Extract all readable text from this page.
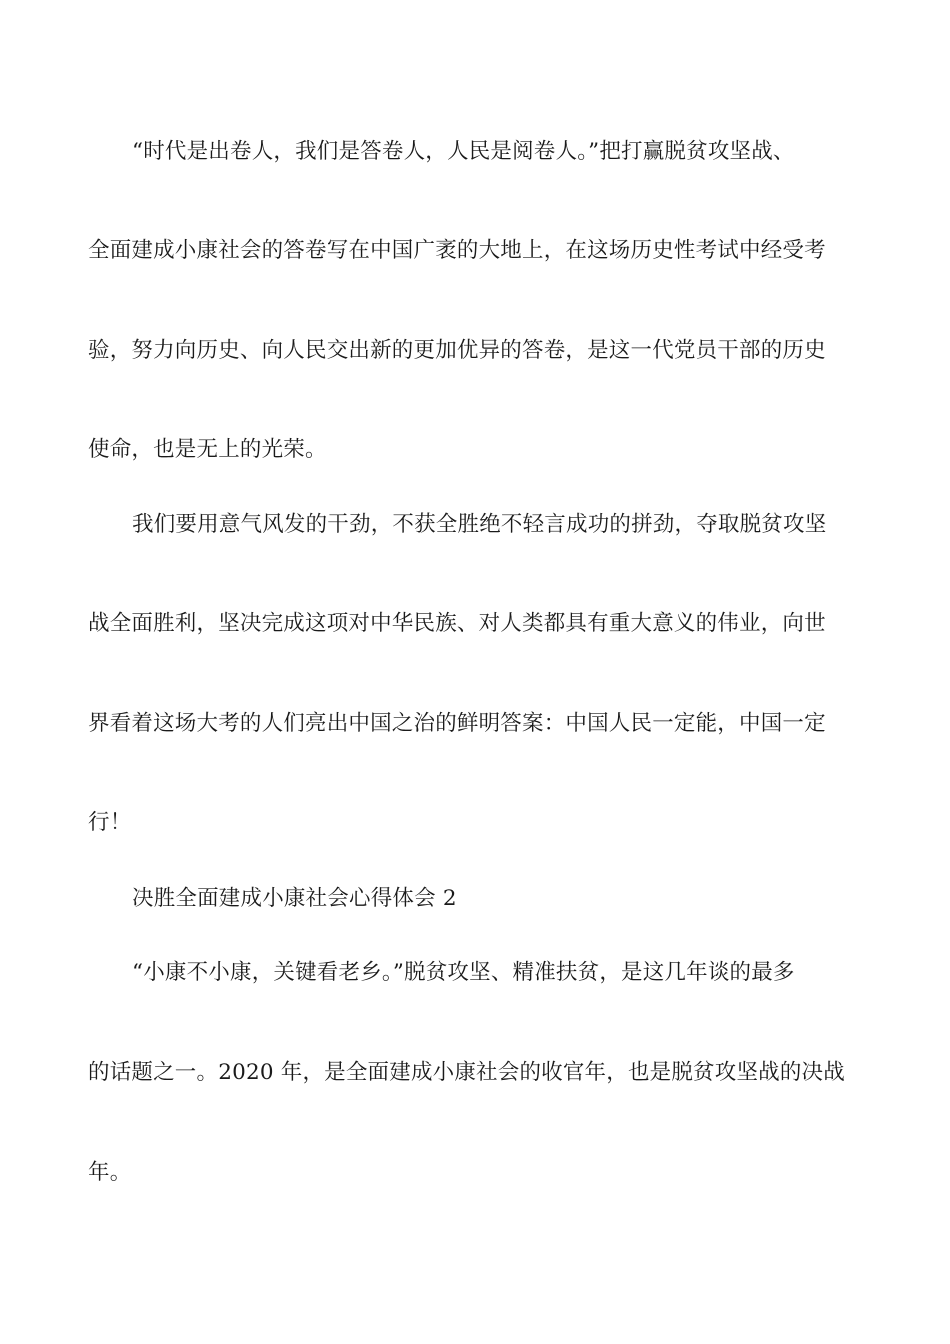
“时代是出卷人，我们是答卷人，人民是阅卷人。”把打赢脱贫攻坚战、
全面建成小康社会的答卷写在中国广袤的大地上，在这场历史性考试中经受考
验，努力向历史、向人民交出新的更加优异的答卷，是这一代党员干部的历史
使命，也是无上的光荣。
我们要用意气风发的干劲，不获全胜绝不轻言成功的拼劲，夺取脱贫攻坚
战全面胜利，坚决完成这项对中华民族、对人类都具有重大意义的伟业，向世
界看着这场大考的人们亮出中国之治的鲜明答案：中国人民一定能，中国一定
行！
决胜全面建成小康社会心得体会 2
“小康不小康，关键看老乡。”脱贫攻坚、精准扶贫，是这几年谈的最多
的话题之一。2020 年，是全面建成小康社会的收官年，也是脱贫攻坚战的决战
年。
